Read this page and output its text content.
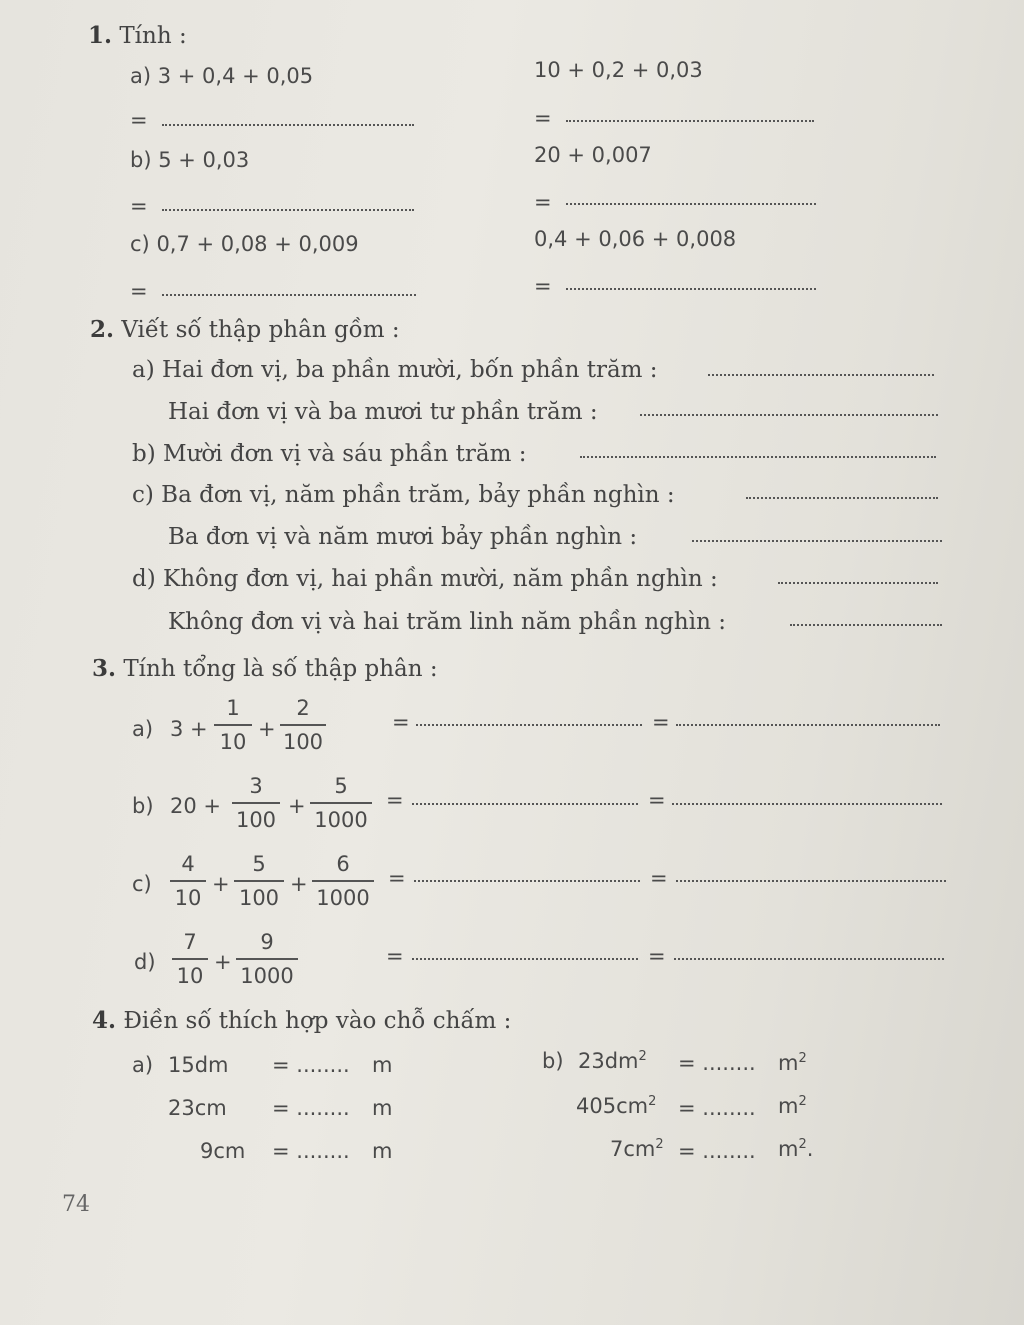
1. Tính :
a) 3 + 0,4 + 0,05	10 + 0,2 + 0,03
=	=
b) 5 + 0,03	20 + 0,007
=	=
c) 0,7 + 0,08 + 0,009	0,4 + 0,06 + 0,008
=	=
2. Viết số thập phân gồm :
a) Hai đơn vị, ba phần mười, bốn phần trăm :
Hai đơn vị và ba mươi tư phần trăm :
b) Mười đơn vị và sáu phần trăm :
c) Ba đơn vị, năm phần trăm, bảy phần nghìn :
Ba đơn vị và năm mươi bảy phần nghìn :
d) Không đơn vị, hai phần mười, năm phần nghìn :
Không đơn vị và hai trăm linh năm phần nghìn :
3. Tính tổng là số thập phân :
a) 3 +
1
10
+
2
100
=	=
b) 20 +
3
100
+
5
1000
=	=
c)
4
10
+
5
100
+
6
1000
=	=
d)
7
10
+
9
1000
=	=
4. Điền số thích hợp vào chỗ chấm :
a) 15dm = ........ m
23cm = ........ m
9cm = ........ m
b) $23dm^2$ = ........ $m^2$
$405cm^2$ = ........ $m^2$
$7cm^2$ = ........ $m^2$.
74
